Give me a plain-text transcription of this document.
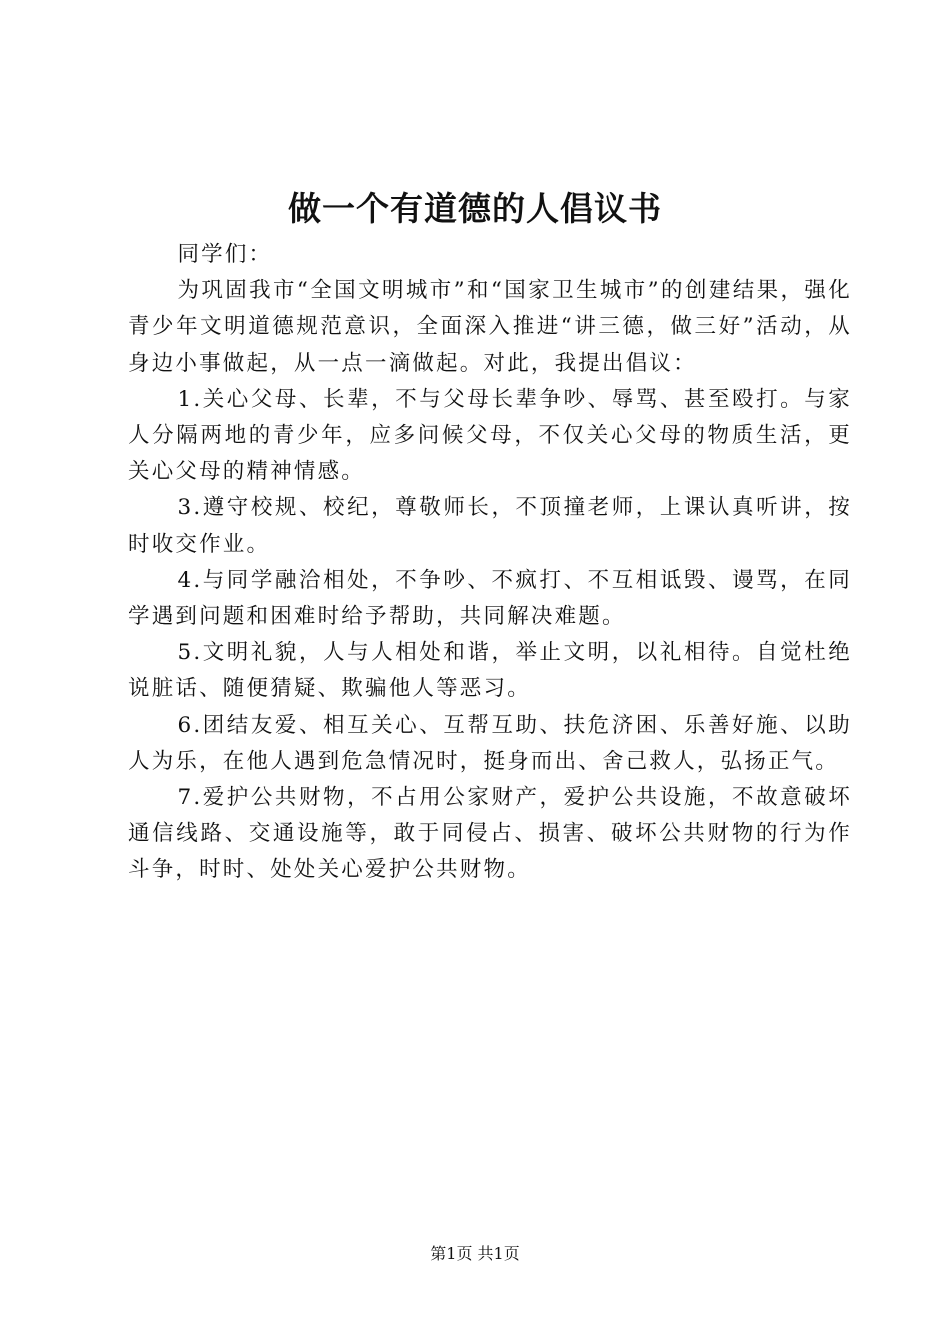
做一个有道德的人倡议书

同学们：

为巩固我市“全国文明城市”和“国家卫生城市”的创建结果，强化青少年文明道德规范意识，全面深入推进“讲三德，做三好”活动，从身边小事做起，从一点一滴做起。对此，我提出倡议：

1.关心父母、长辈，不与父母长辈争吵、辱骂、甚至殴打。与家人分隔两地的青少年，应多问候父母，不仅关心父母的物质生活，更关心父母的精神情感。

3.遵守校规、校纪，尊敬师长，不顶撞老师，上课认真听讲，按时收交作业。

4.与同学融洽相处，不争吵、不疯打、不互相诋毁、谩骂，在同学遇到问题和困难时给予帮助，共同解决难题。

5.文明礼貌，人与人相处和谐，举止文明，以礼相待。自觉杜绝说脏话、随便猜疑、欺骗他人等恶习。

6.团结友爱、相互关心、互帮互助、扶危济困、乐善好施、以助人为乐，在他人遇到危急情况时，挺身而出、舍己救人，弘扬正气。

7.爱护公共财物，不占用公家财产，爱护公共设施，不故意破坏通信线路、交通设施等，敢于同侵占、损害、破坏公共财物的行为作斗争，时时、处处关心爱护公共财物。

第1页 共1页
